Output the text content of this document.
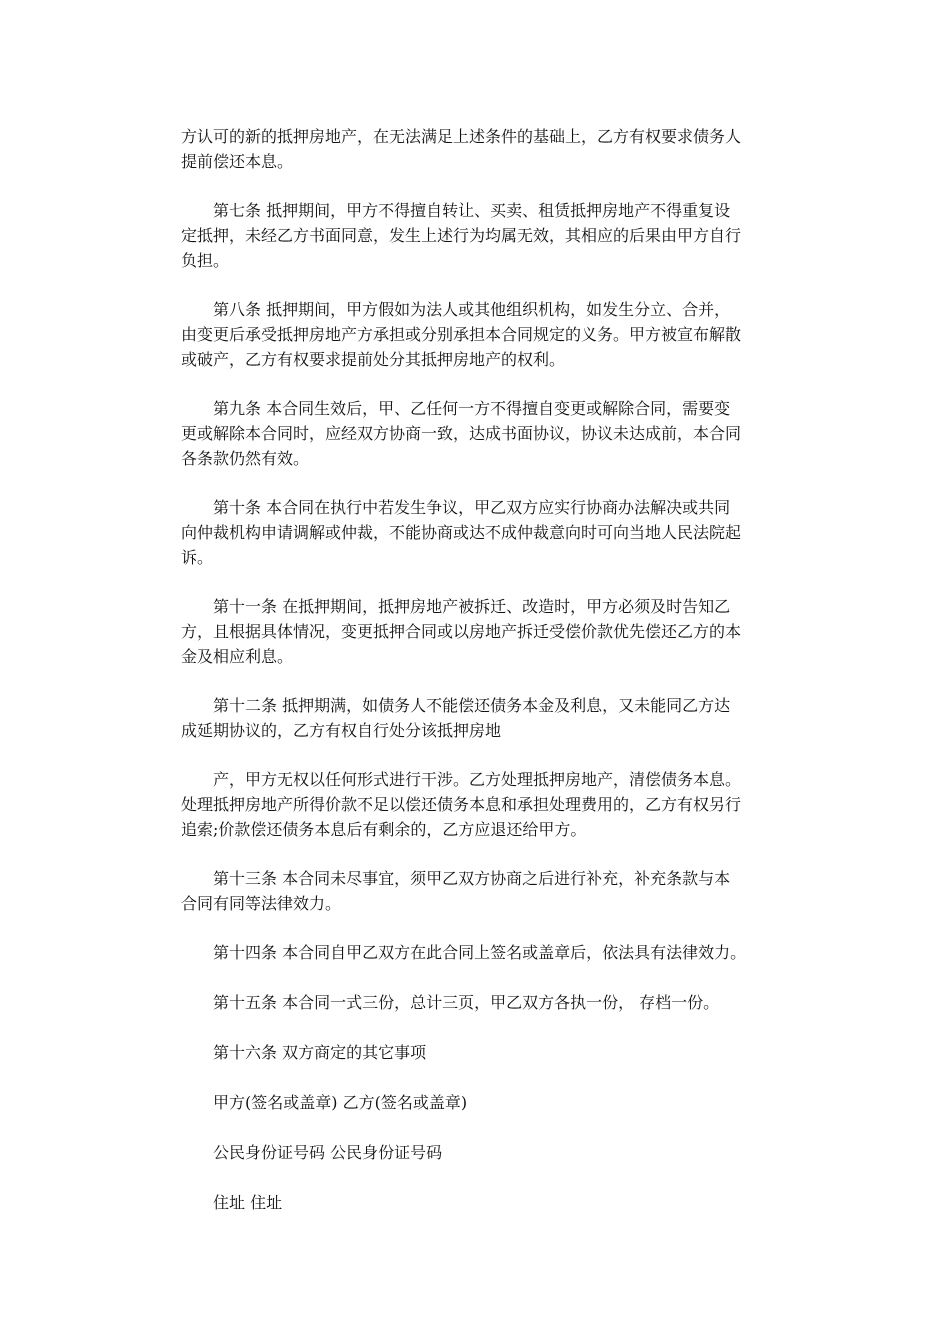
方认可的新的抵押房地产，在无法满足上述条件的基础上，乙方有权要求债务人
提前偿还本息。

第七条 抵押期间，甲方不得擅自转让、买卖、租赁抵押房地产不得重复设
定抵押，未经乙方书面同意，发生上述行为均属无效，其相应的后果由甲方自行
负担。

第八条 抵押期间，甲方假如为法人或其他组织机构，如发生分立、合并，
由变更后承受抵押房地产方承担或分别承担本合同规定的义务。甲方被宣布解散
或破产，乙方有权要求提前处分其抵押房地产的权利。

第九条 本合同生效后，甲、乙任何一方不得擅自变更或解除合同，需要变
更或解除本合同时，应经双方协商一致，达成书面协议，协议未达成前，本合同
各条款仍然有效。

第十条 本合同在执行中若发生争议，甲乙双方应实行协商办法解决或共同
向仲裁机构申请调解或仲裁，不能协商或达不成仲裁意向时可向当地人民法院起
诉。

第十一条 在抵押期间，抵押房地产被拆迁、改造时，甲方必须及时告知乙
方，且根据具体情况，变更抵押合同或以房地产拆迁受偿价款优先偿还乙方的本
金及相应利息。

第十二条 抵押期满，如债务人不能偿还债务本金及利息，又未能同乙方达
成延期协议的，乙方有权自行处分该抵押房地

产，甲方无权以任何形式进行干涉。乙方处理抵押房地产，清偿债务本息。
处理抵押房地产所得价款不足以偿还债务本息和承担处理费用的，乙方有权另行
追索;价款偿还债务本息后有剩余的，乙方应退还给甲方。

第十三条 本合同未尽事宜，须甲乙双方协商之后进行补充，补充条款与本
合同有同等法律效力。

第十四条 本合同自甲乙双方在此合同上签名或盖章后，依法具有法律效力。

第十五条 本合同一式三份，总计三页，甲乙双方各执一份， 存档一份。

第十六条 双方商定的其它事项

甲方(签名或盖章) 乙方(签名或盖章)

公民身份证号码 公民身份证号码

住址 住址
